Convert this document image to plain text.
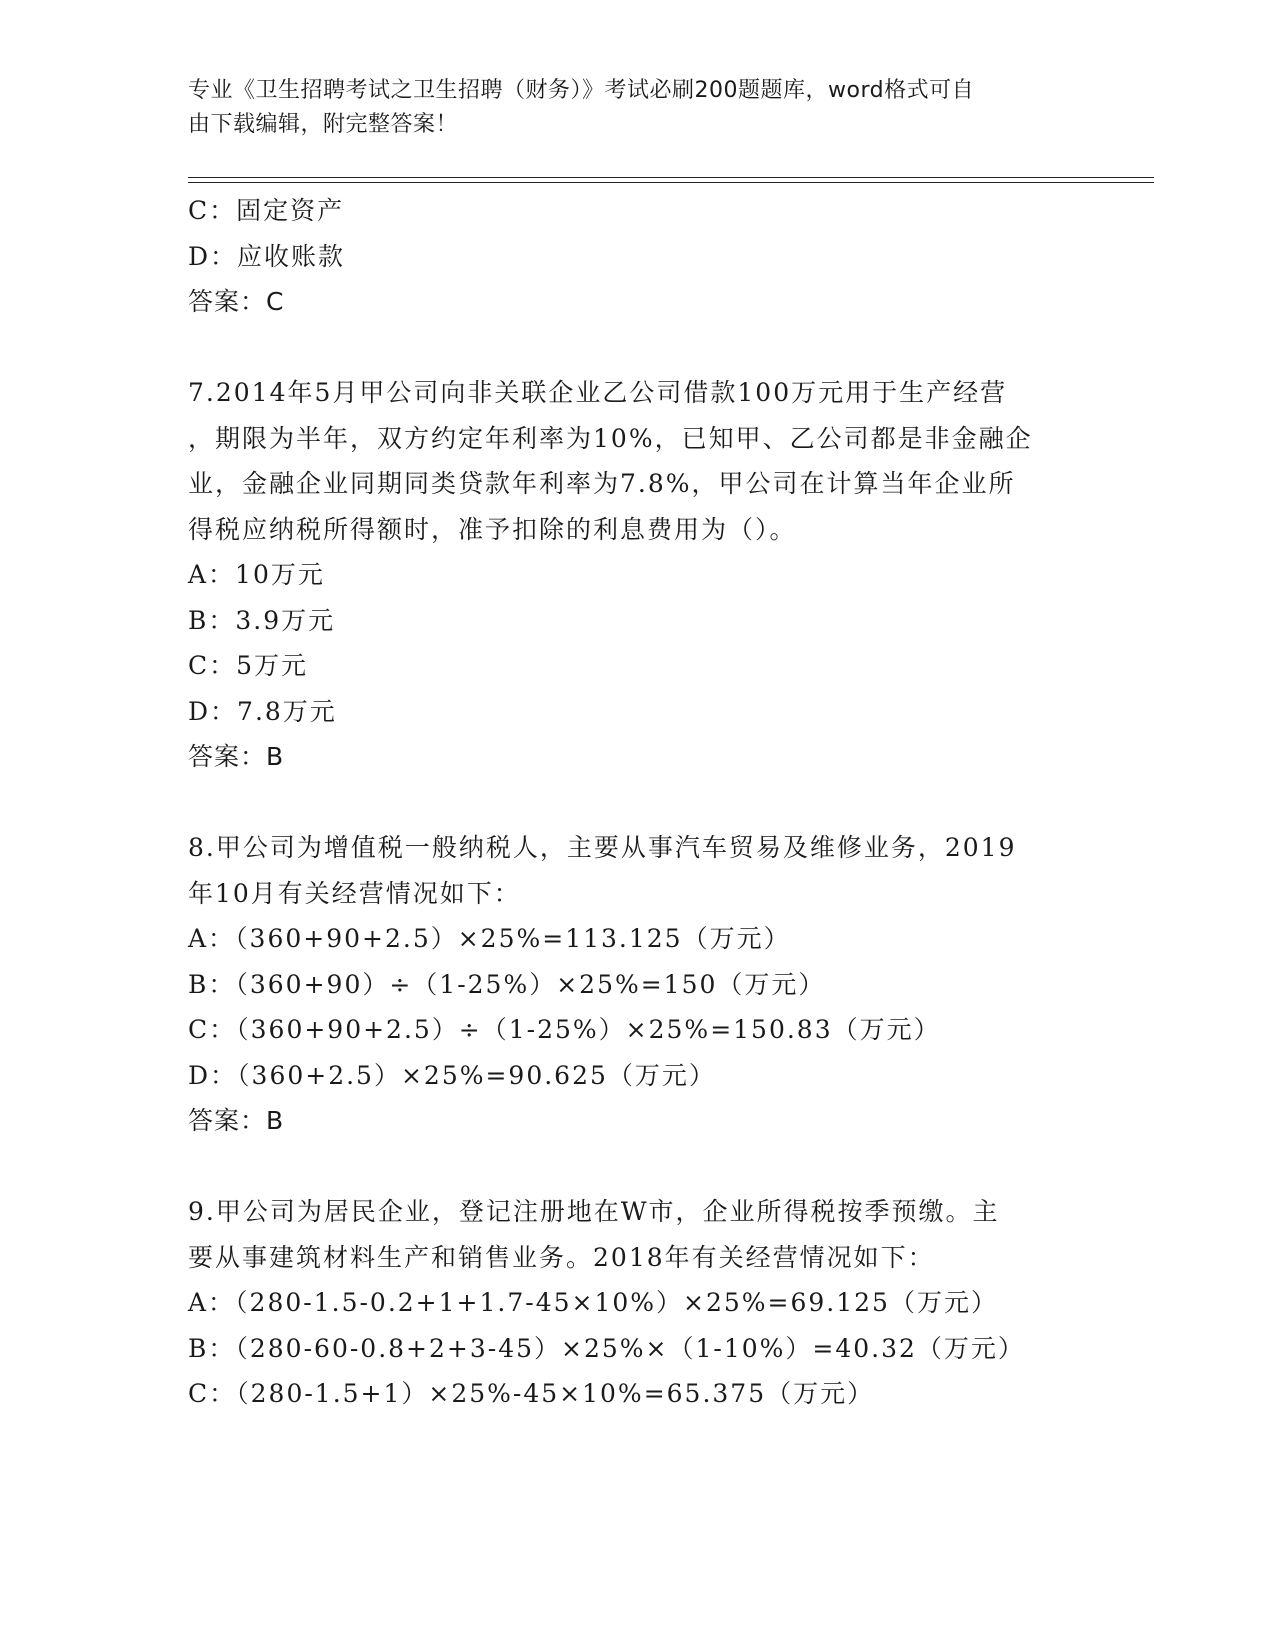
专业《卫生招聘考试之卫生招聘（财务）》考试必刷200题题库，word格式可自
由下载编辑，附完整答案！
C：固定资产
D：应收账款
答案：C
7.2014年5月甲公司向非关联企业乙公司借款100万元用于生产经营
，期限为半年，双方约定年利率为10%，已知甲、乙公司都是非金融企
业，金融企业同期同类贷款年利率为7.8%，甲公司在计算当年企业所
得税应纳税所得额时，准予扣除的利息费用为（）。
A：10万元
B：3.9万元
C：5万元
D：7.8万元
答案：B
8.甲公司为增值税一般纳税人，主要从事汽车贸易及维修业务，2019
年10月有关经营情况如下：
A：（360+90+2.5）×25%=113.125（万元）
B：（360+90）÷（1-25%）×25%=150（万元）
C：（360+90+2.5）÷（1-25%）×25%=150.83（万元）
D：（360+2.5）×25%=90.625（万元）
答案：B
9.甲公司为居民企业，登记注册地在W市，企业所得税按季预缴。主
要从事建筑材料生产和销售业务。2018年有关经营情况如下：
A：（280-1.5-0.2+1+1.7-45×10%）×25%=69.125（万元）
B：（280-60-0.8+2+3-45）×25%×（1-10%）=40.32（万元）
C：（280-1.5+1）×25%-45×10%=65.375（万元）
